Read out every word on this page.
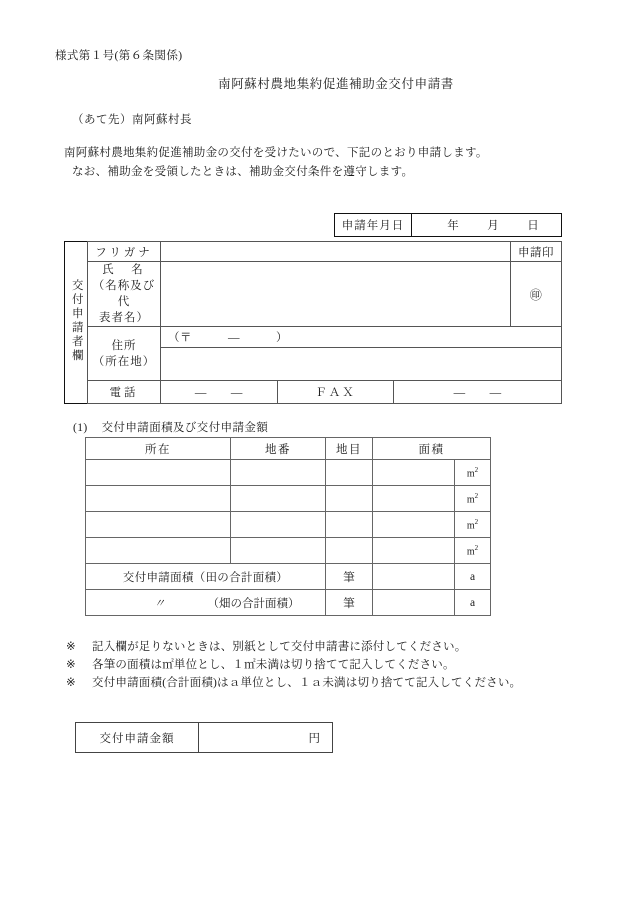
様式第１号(第６条関係)
南阿蘇村農地集約促進補助金交付申請書
（あて先）南阿蘇村長
南阿蘇村農地集約促進補助金の交付を受けたいので、下記のとおり申請します。
なお、補助金を受領したときは、補助金交付条件を遵守します。
申請年月日	年	月	日
交付申請者欄	フリガナ				申請印

	氏　名
（名称及び代
表者名）				㊞

	住所
（所在地）	（〒　　　—　　　）			

	電話	—　　—	ＦＡＸ	—　　—	
(1) 交付申請面積及び交付申請金額
所在	地番	地目	面積	
				$m^2$
				$m^2$
				$m^2$
				$m^2$
交付申請面積（田の合計面積）		筆		a

〃 （畑の合計面積）		筆		a
※	記入欄が足りないときは、別紙として交付申請書に添付してください。
※	各筆の面積は㎡単位とし、１㎡未満は切り捨てて記入してください。
※	交付申請面積(合計面積)はａ単位とし、１ａ未満は切り捨てて記入してください。
交付申請金額	円
